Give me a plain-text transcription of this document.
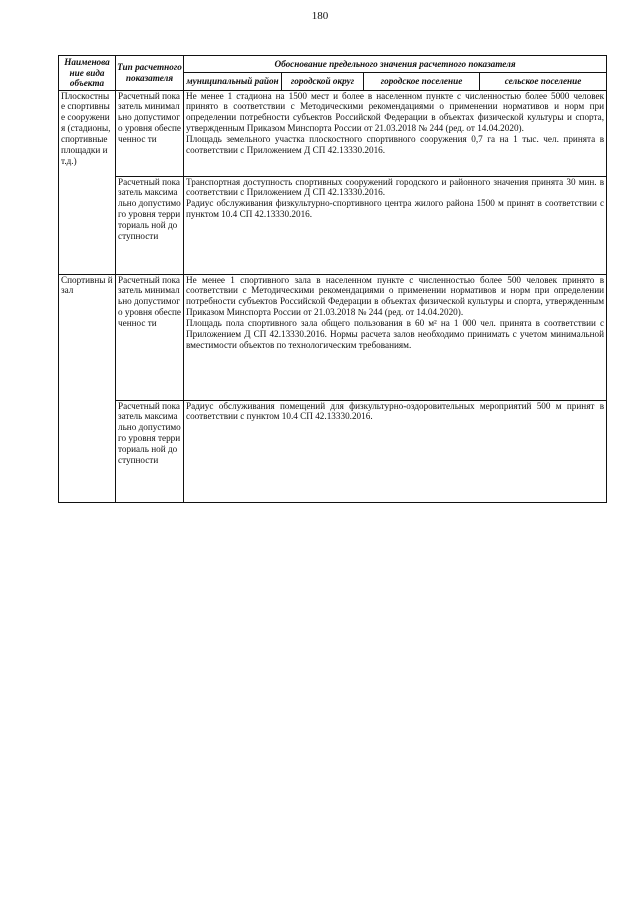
180
Наименова ние вида объекта	Тип расчетного показателя	Обоснование предельного значения расчетного показателя			
		муниципальный район	городской округ	городское поселение	сельское поселение
Плоскостны е спортивные сооружения (стадионы, спортивные площадки и т.д.)	Расчетный показатель минимально допустимого уровня обеспеченнос ти	Не менее 1 стадиона на 1500 мест и более в населенном пункте с численностью более 5000 человек принято в соответствии с Методическими рекомендациями о применении нормативов и норм при определении потребности субъектов Российской Федерации в объектах физической культуры и спорта, утвержденным Приказом Минспорта России от 21.03.2018 № 244 (ред. от 14.04.2020).

Площадь земельного участка плоскостного спортивного сооружения 0,7 га на 1 тыс. чел. принята в соответствии с Приложением Д СП 42.13330.2016.			

	Расчетный показатель максимально допустимого уровня территориаль ной доступности	Транспортная доступность спортивных сооружений городского и районного значения принята 30 мин. в соответствии с Приложением Д СП 42.13330.2016.

Радиус обслуживания физкультурно-спортивного центра жилого района 1500 м принят в соответствии с пунктом 10.4 СП 42.13330.2016.			

Спортивны й зал	Расчетный показатель минимально допустимого уровня обеспеченнос ти	Не менее 1 спортивного зала в населенном пункте с численностью более 500 человек принято в соответствии с Методическими рекомендациями о применении нормативов и норм при определении потребности субъектов Российской Федерации в объектах физической культуры и спорта, утвержденным Приказом Минспорта России от 21.03.2018 № 244 (ред. от 14.04.2020).

Площадь пола спортивного зала общего пользования в 60 м² на 1 000 чел. принята в соответствии с Приложением Д СП 42.13330.2016. Нормы расчета залов необходимо принимать с учетом минимальной вместимости объектов по технологическим требованиям.			

	Расчетный показатель максимально допустимого уровня территориаль ной доступности	Радиус обслуживания помещений для физкультурно-оздоровительных мероприятий 500 м принят в соответствии с пунктом 10.4 СП 42.13330.2016.			
